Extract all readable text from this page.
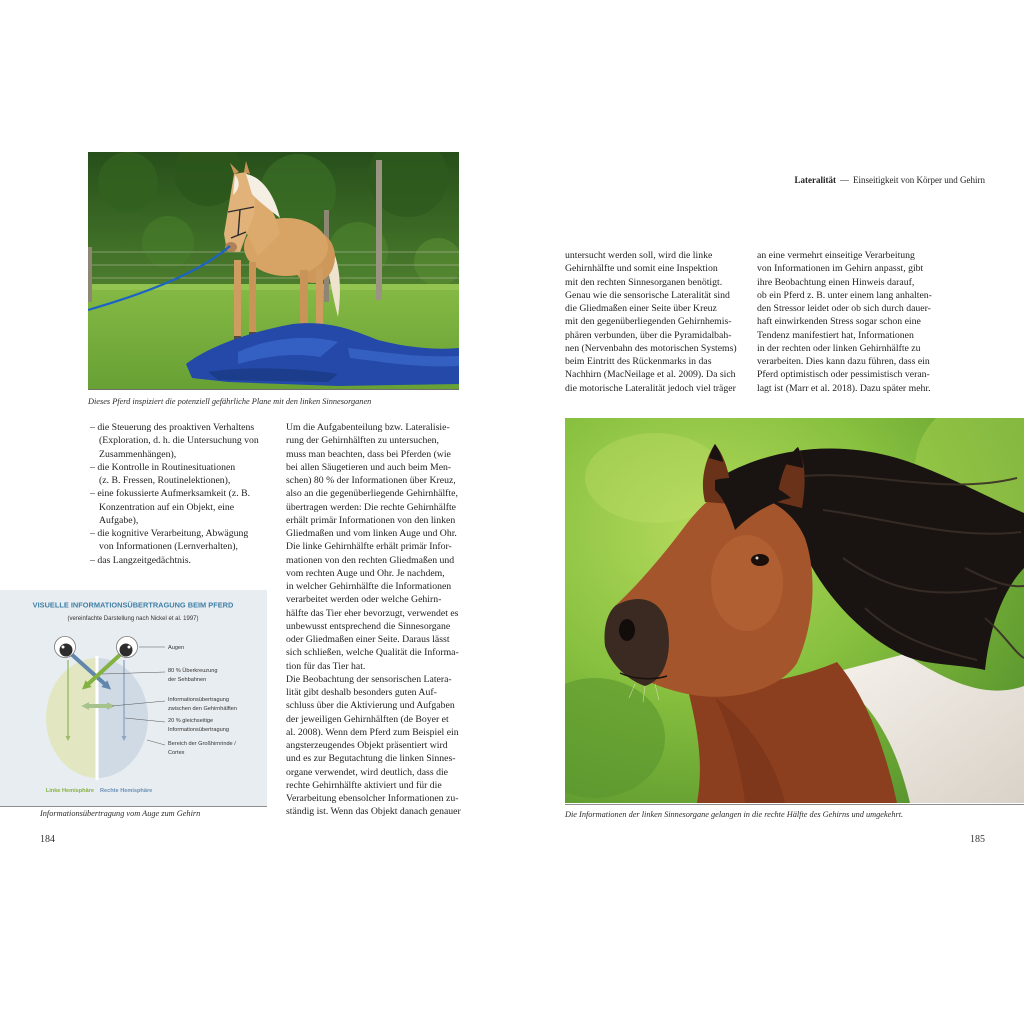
Dieses Pferd inspiziert die potenziell gefährliche Plane mit den linken Sinnesorganen
– die Steuerung des proaktiven Verhaltens
(Exploration, d. h. die Untersuchung von
Zusammenhängen),
– die Kontrolle in Routinesituationen
(z. B. Fressen, Routinelektionen),
– eine fokussierte Aufmerksamkeit (z. B.
Konzentration auf ein Objekt, eine
Aufgabe),
– die kognitive Verarbeitung, Abwägung
von Informationen (Lernverhalten),
– das Langzeitgedächtnis.
Um die Aufgabenteilung bzw. Lateralisie-
rung der Gehirnhälften zu untersuchen,
muss man beachten, dass bei Pferden (wie
bei allen Säugetieren und auch beim Men-
schen) 80 % der Informationen über Kreuz,
also an die gegenüberliegende Gehirnhälfte,
übertragen werden: Die rechte Gehirnhälfte
erhält primär Informationen von den linken
Gliedmaßen und vom linken Auge und Ohr.
Die linke Gehirnhälfte erhält primär Infor-
mationen von den rechten Gliedmaßen und
vom rechten Auge und Ohr. Je nachdem,
in welcher Gehirnhälfte die Informationen
verarbeitet werden oder welche Gehirn-
hälfte das Tier eher bevorzugt, verwendet es
unbewusst entsprechend die Sinnesorgane
oder Gliedmaßen einer Seite. Daraus lässt
sich schließen, welche Qualität die Informa-
tion für das Tier hat.
Die Beobachtung der sensorischen Latera-
lität gibt deshalb besonders guten Auf-
schluss über die Aktivierung und Aufgaben
der jeweiligen Gehirnhälften (de Boyer et
al. 2008). Wenn dem Pferd zum Beispiel ein
angsterzeugendes Objekt präsentiert wird
und es zur Begutachtung die linken Sinnes-
organe verwendet, wird deutlich, dass die
rechte Gehirnhälfte aktiviert und für die
Verarbeitung ebensolcher Informationen zu-
ständig ist. Wenn das Objekt danach genauer
VISUELLE INFORMATIONSÜBERTRAGUNG BEIM PFERD
(vereinfachte Darstellung nach Nickel et al. 1997)
Augen
80 % Überkreuzung
der Sehbahnen
Informationsübertragung
zwischen den Gehirnhälften
20 % gleichseitige
Informationsübertragung
Bereich der Großhirnrinde /
Cortex
Linke Hemisphäre Rechte Hemisphäre
Informationsübertragung vom Auge zum Gehirn
184
Lateralität — Einseitigkeit von Körper und Gehirn
untersucht werden soll, wird die linke
Gehirnhälfte und somit eine Inspektion
mit den rechten Sinnesorganen benötigt.
Genau wie die sensorische Lateralität sind
die Gliedmaßen einer Seite über Kreuz
mit den gegenüberliegenden Gehirnhemis-
phären verbunden, über die Pyramidalbah-
nen (Nervenbahn des motorischen Systems)
beim Eintritt des Rückenmarks in das
Nachhirn (MacNeilage et al. 2009). Da sich
die motorische Lateralität jedoch viel träger
an eine vermehrt einseitige Verarbeitung
von Informationen im Gehirn anpasst, gibt
ihre Beobachtung einen Hinweis darauf,
ob ein Pferd z. B. unter einem lang anhalten-
den Stressor leidet oder ob sich durch dauer-
haft einwirkenden Stress sogar schon eine
Tendenz manifestiert hat, Informationen
in der rechten oder linken Gehirnhälfte zu
verarbeiten. Dies kann dazu führen, dass ein
Pferd optimistisch oder pessimistisch veran-
lagt ist (Marr et al. 2018). Dazu später mehr.
Die Informationen der linken Sinnesorgane gelangen in die rechte Hälfte des Gehirns und umgekehrt.
185
